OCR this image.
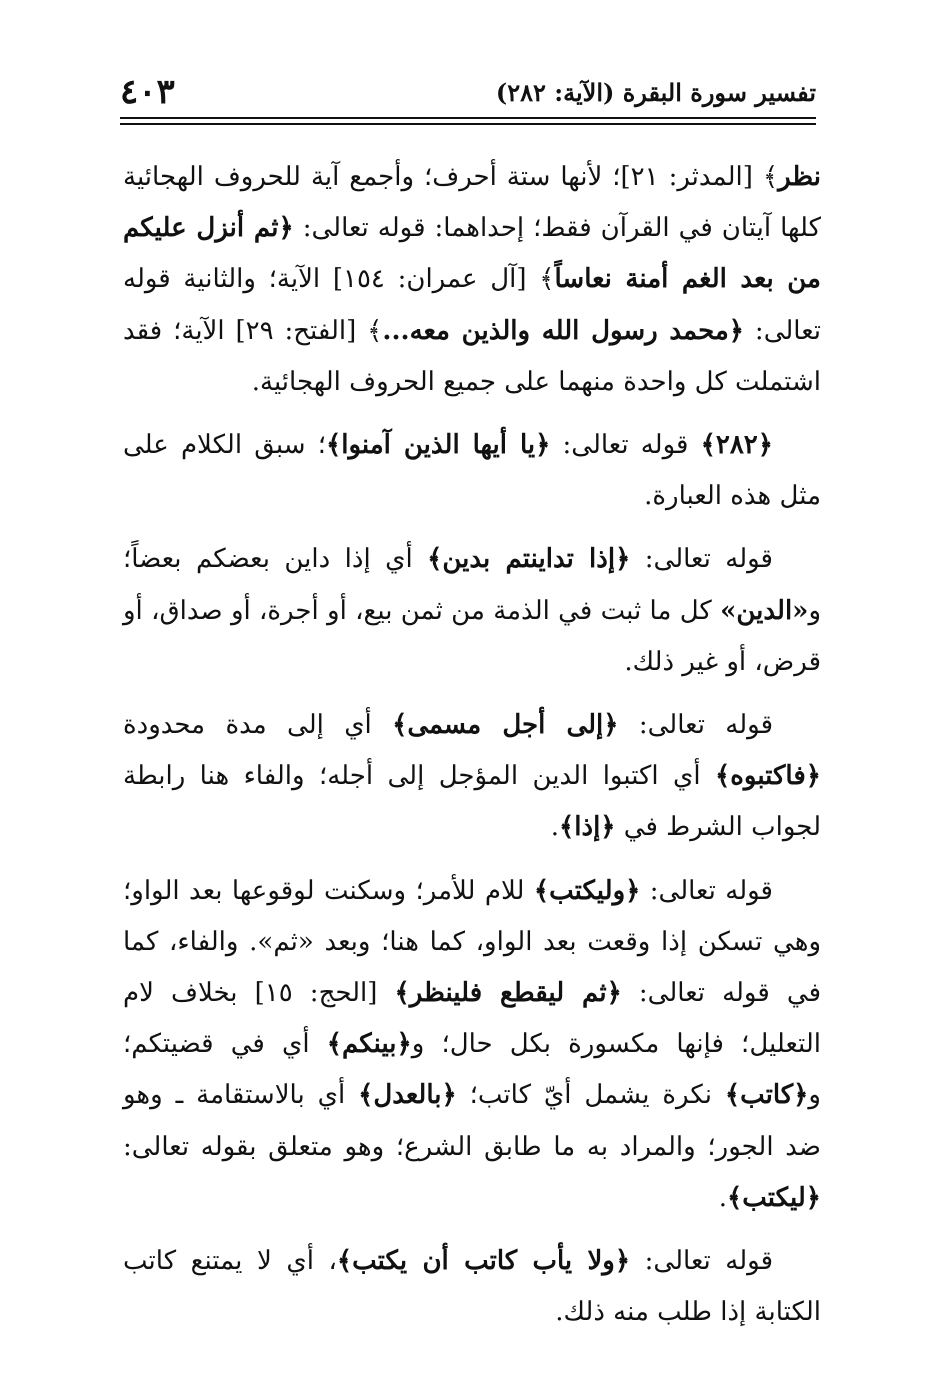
تفسير سورة البقرة (الآية: ٢٨٢)
٤٠٣

نظر﴾ [المدثر: ٢١]؛ لأنها ستة أحرف؛ وأجمع آية للحروف الهجائية كلها آيتان في القرآن فقط؛ إحداهما: قوله تعالى: ﴿ثم أنزل عليكم من بعد الغم أمنة نعاساً﴾ [آل عمران: ١٥٤] الآية؛ والثانية قوله تعالى: ﴿محمد رسول الله والذين معه...﴾ [الفتح: ٢٩] الآية؛ فقد اشتملت كل واحدة منهما على جميع الحروف الهجائية.

﴿٢٨٢﴾ قوله تعالى: ﴿يا أيها الذين آمنوا﴾؛ سبق الكلام على مثل هذه العبارة.

قوله تعالى: ﴿إذا تداينتم بدين﴾ أي إذا داين بعضكم بعضاً؛ و«الدين» كل ما ثبت في الذمة من ثمن بيع، أو أجرة، أو صداق، أو قرض، أو غير ذلك.

قوله تعالى: ﴿إلى أجل مسمى﴾ أي إلى مدة محدودة ﴿فاكتبوه﴾ أي اكتبوا الدين المؤجل إلى أجله؛ والفاء هنا رابطة لجواب الشرط في ﴿إذا﴾.

قوله تعالى: ﴿وليكتب﴾ للام للأمر؛ وسكنت لوقوعها بعد الواو؛ وهي تسكن إذا وقعت بعد الواو، كما هنا؛ وبعد «ثم». والفاء، كما في قوله تعالى: ﴿ثم ليقطع فلينظر﴾ [الحج: ١٥] بخلاف لام التعليل؛ فإنها مكسورة بكل حال؛ و﴿بينكم﴾ أي في قضيتكم؛ و﴿كاتب﴾ نكرة يشمل أيّ كاتب؛ ﴿بالعدل﴾ أي بالاستقامة ـ وهو ضد الجور؛ والمراد به ما طابق الشرع؛ وهو متعلق بقوله تعالى: ﴿ليكتب﴾.

قوله تعالى: ﴿ولا يأب كاتب أن يكتب﴾، أي لا يمتنع كاتب الكتابة إذا طلب منه ذلك.
